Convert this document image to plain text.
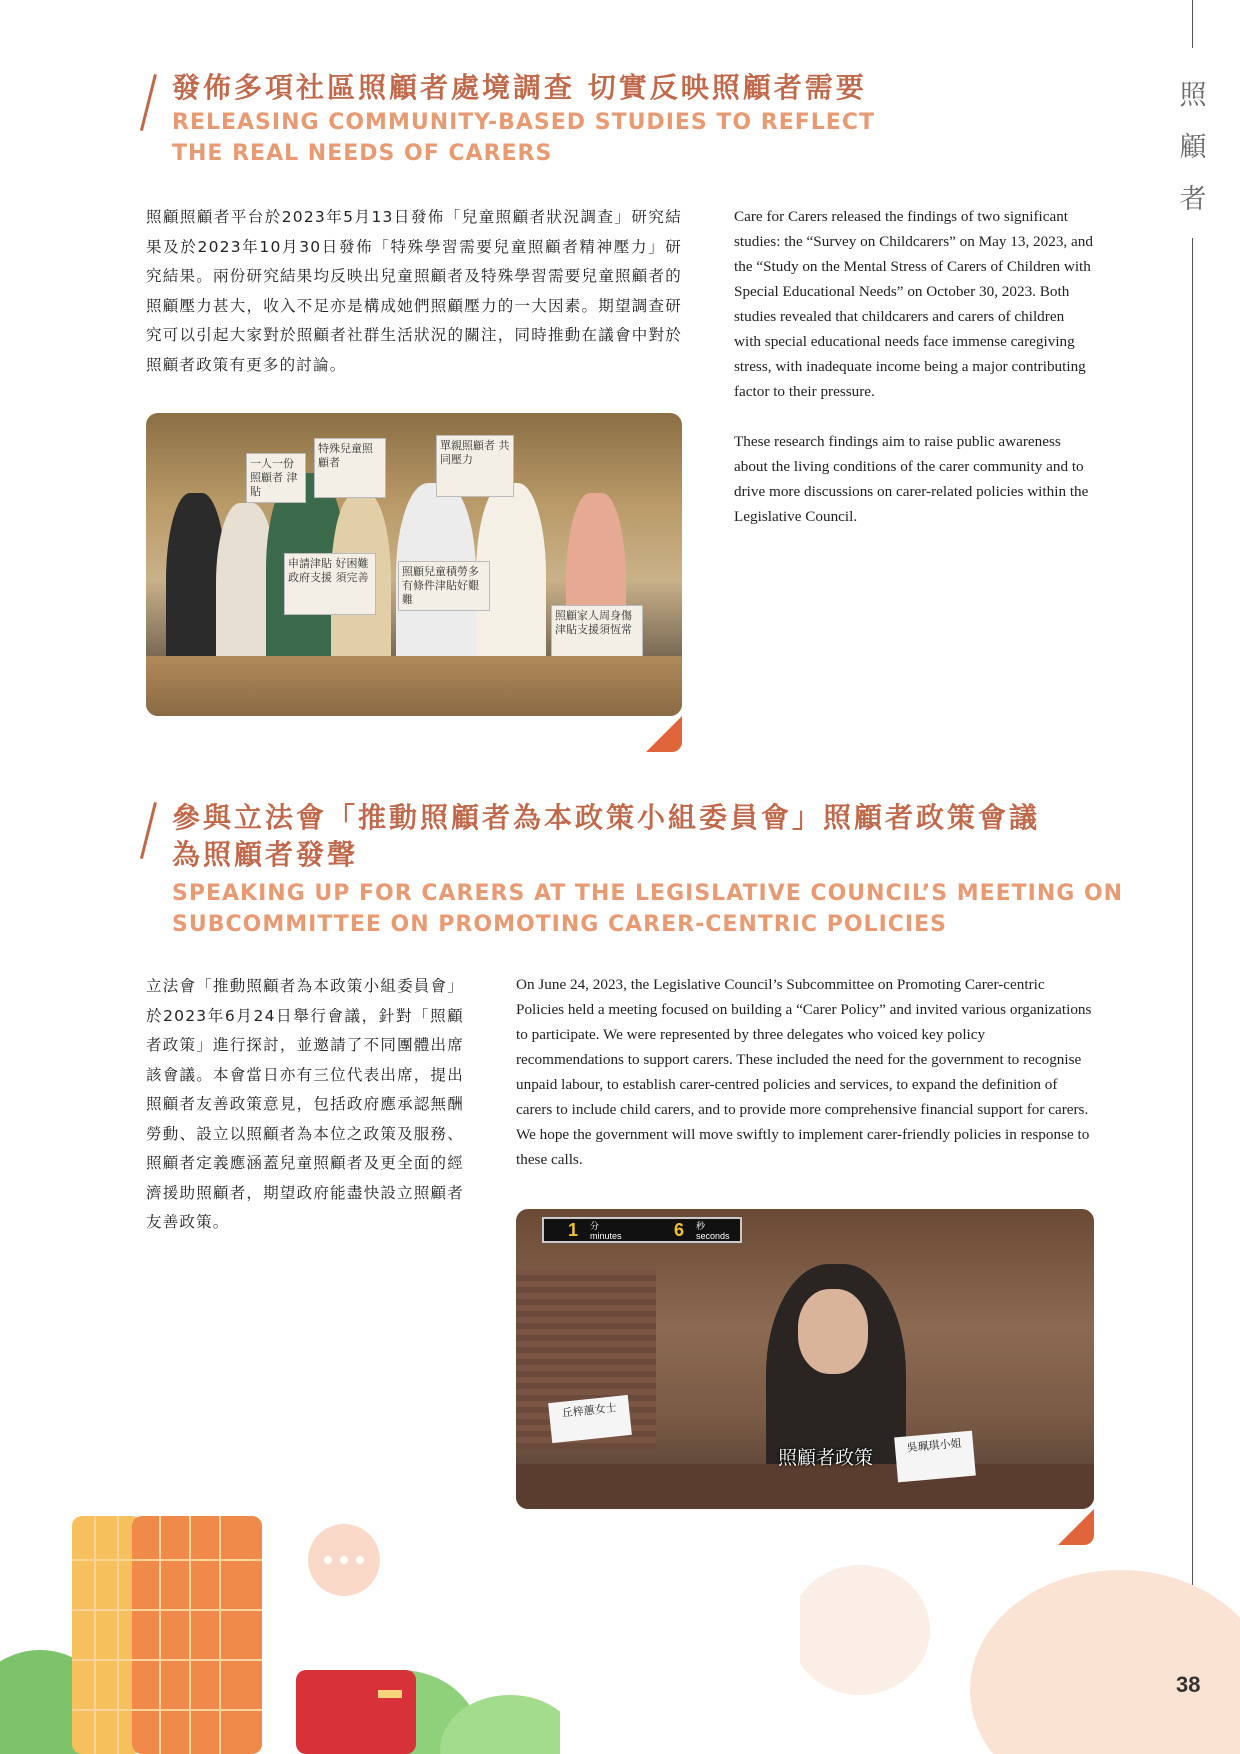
照
顧
者
發佈多項社區照顧者處境調查 切實反映照顧者需要
RELEASING COMMUNITY-BASED STUDIES TO REFLECT
THE REAL NEEDS OF CARERS
照顧照顧者平台於2023年5月13日發佈「兒童照顧者狀況調查」研究結果及於2023年10月30日發佈「特殊學習需要兒童照顧者精神壓力」研究結果。兩份研究結果均反映出兒童照顧者及特殊學習需要兒童照顧者的照顧壓力甚大，收入不足亦是構成她們照顧壓力的一大因素。期望調查研究可以引起大家對於照顧者社群生活狀況的關注，同時推動在議會中對於照顧者政策有更多的討論。

Care for Carers released the findings of two significant studies: the “Survey on Childcarers” on May 13, 2023, and the “Study on the Mental Stress of Carers of Children with Special Educational Needs” on October 30, 2023. Both studies revealed that childcarers and carers of children with special educational needs face immense caregiving stress, with inadequate income being a major contributing factor to their pressure.

These research findings aim to raise public awareness about the living conditions of the carer community and to drive more discussions on carer-related policies within the Legislative Council.

一人一份照顧者 津貼
特殊兒童照顧者
單親照顧者 共同壓力
照顧家人周身傷 津貼支援須恆常
照顧兒童積勞多 有條件津貼好艱難
申請津貼 好困難 政府支援 須完善
參與立法會「推動照顧者為本政策小組委員會」照顧者政策會議
為照顧者發聲
SPEAKING UP FOR CARERS AT THE LEGISLATIVE COUNCIL’S MEETING ON
SUBCOMMITTEE ON PROMOTING CARER-CENTRIC POLICIES
立法會「推動照顧者為本政策小組委員會」於2023年6月24日舉行會議，針對「照顧者政策」進行探討，並邀請了不同團體出席該會議。本會當日亦有三位代表出席，提出照顧者友善政策意見，包括政府應承認無酬勞動、設立以照顧者為本位之政策及服務、照顧者定義應涵蓋兒童照顧者及更全面的經濟援助照顧者，期望政府能盡快設立照顧者友善政策。
On June 24, 2023, the Legislative Council’s Subcommittee on Promoting Carer-centric Policies held a meeting focused on building a “Carer Policy” and invited various organizations to participate. We were represented by three delegates who voiced key policy recommendations to support carers. These included the need for the government to recognise unpaid labour, to establish carer-centred policies and services, to expand the definition of carers to include child carers, and to provide more comprehensive financial support for carers. We hope the government will move swiftly to implement carer-friendly policies in response to these calls.
1 分
minutes	6 秒
seconds
丘梓蕙女士
吳珮琪小姐
照顧者政策
38
